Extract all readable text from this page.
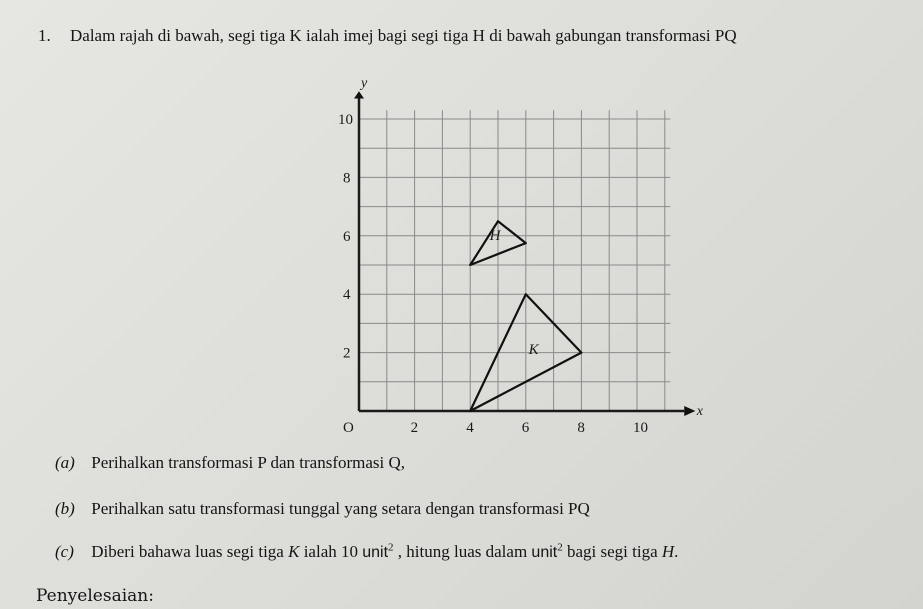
1. Dalam rajah di bawah, segi tiga K ialah imej bagi segi tiga H di bawah gabungan transformasi PQ
2	4	6	8	10
2
4
6
8
10
O
x
y
H
K
(a) Perihalkan transformasi P dan transformasi Q,
(b) Perihalkan satu transformasi tunggal yang setara dengan transformasi PQ
(c) Diberi bahawa luas segi tiga K ialah 10 unit$^2$ , hitung luas dalam unit$^2$ bagi segi tiga H.
Penyelesaian:
